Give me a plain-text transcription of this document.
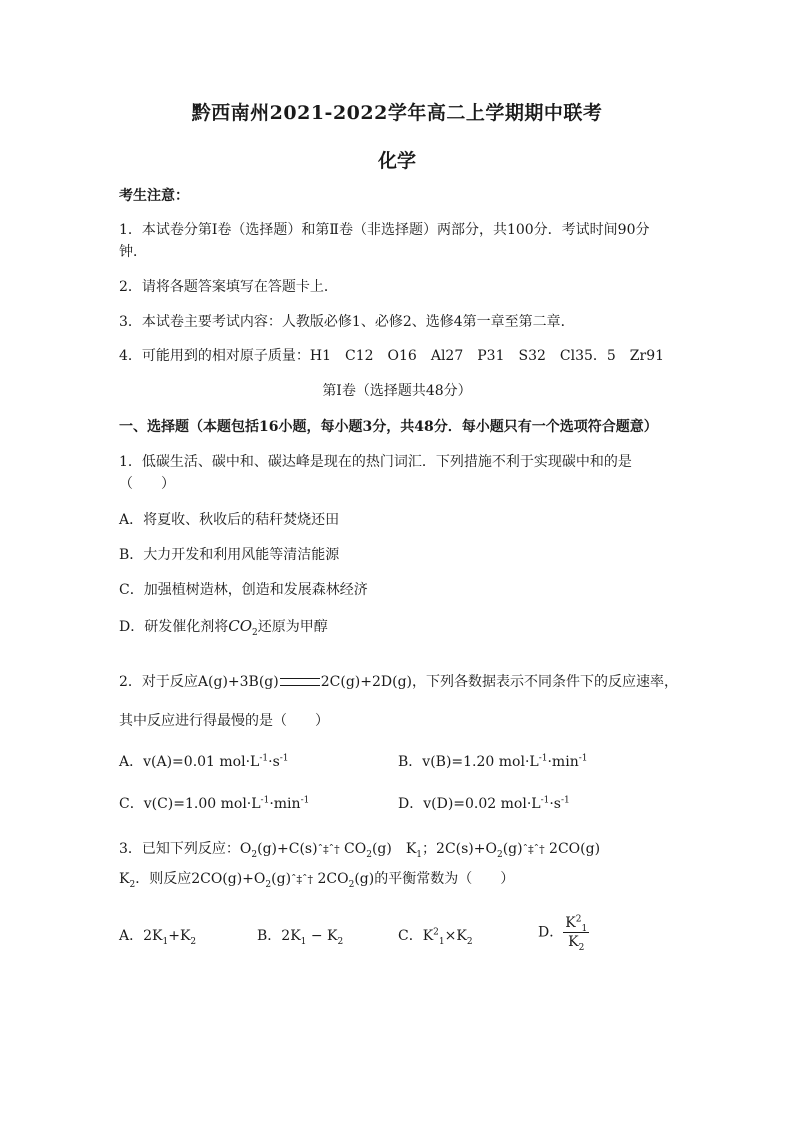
黔西南州2021-2022学年高二上学期期中联考
化学
考生注意：
1．本试卷分第Ⅰ卷（选择题）和第Ⅱ卷（非选择题）两部分，共100分．考试时间90分
钟．
2．请将各题答案填写在答题卡上．
3．本试卷主要考试内容：人教版必修1、必修2、选修4第一章至第二章．
4．可能用到的相对原子质量：H1　C12　O16　Al27　P31　S32　Cl35．5　Zr91
第Ⅰ卷（选择题共48分）
一、选择题（本题包括16小题，每小题3分，共48分．每小题只有一个选项符合题意）
1．低碳生活、碳中和、碳达峰是现在的热门词汇．下列措施不利于实现碳中和的是
（　　）
A．将夏收、秋收后的秸秆焚烧还田
B．大力开发和利用风能等清洁能源
C．加强植树造林，创造和发展森林经济
D．研发催化剂将$CO_2$还原为甲醇
2．对于反应A(g)+3B(g)	2C(g)+2D(g)，下列各数据表示不同条件下的反应速率，
其中反应进行得最慢的是（　　）
A．v(A)=0.01 $mol\cdot L^{-1}\cdot s^{-1}$	B．v(B)=1.20 $mol\cdot L^{-1}\cdot\min^{-1}$
C．v(C)=1.00 $mol\cdot L^{-1}\cdot\min^{-1}$	D．v(D)=0.02 $mol\cdot L^{-1}\cdot s^{-1}$
3．已知下列反应：$O_2(g)+C(s)ˆ\ddagger ˆ\dagger$ $CO_2(g)$　$K_1$；$2C(s)+O_2(g)ˆ\ddagger ˆ\dagger$ 2CO(g)
$K_2$．则反应$2CO(g)+O_2(g)ˆ\ddagger ˆ\dagger$ $2CO_2(g)$的平衡常数为（　　）
A．$2K_1+K_2$	B．$2K_1 - K_2$	C．$K^2_1\times K_2$
D． $\frac{K^2_1}{K_2}$
